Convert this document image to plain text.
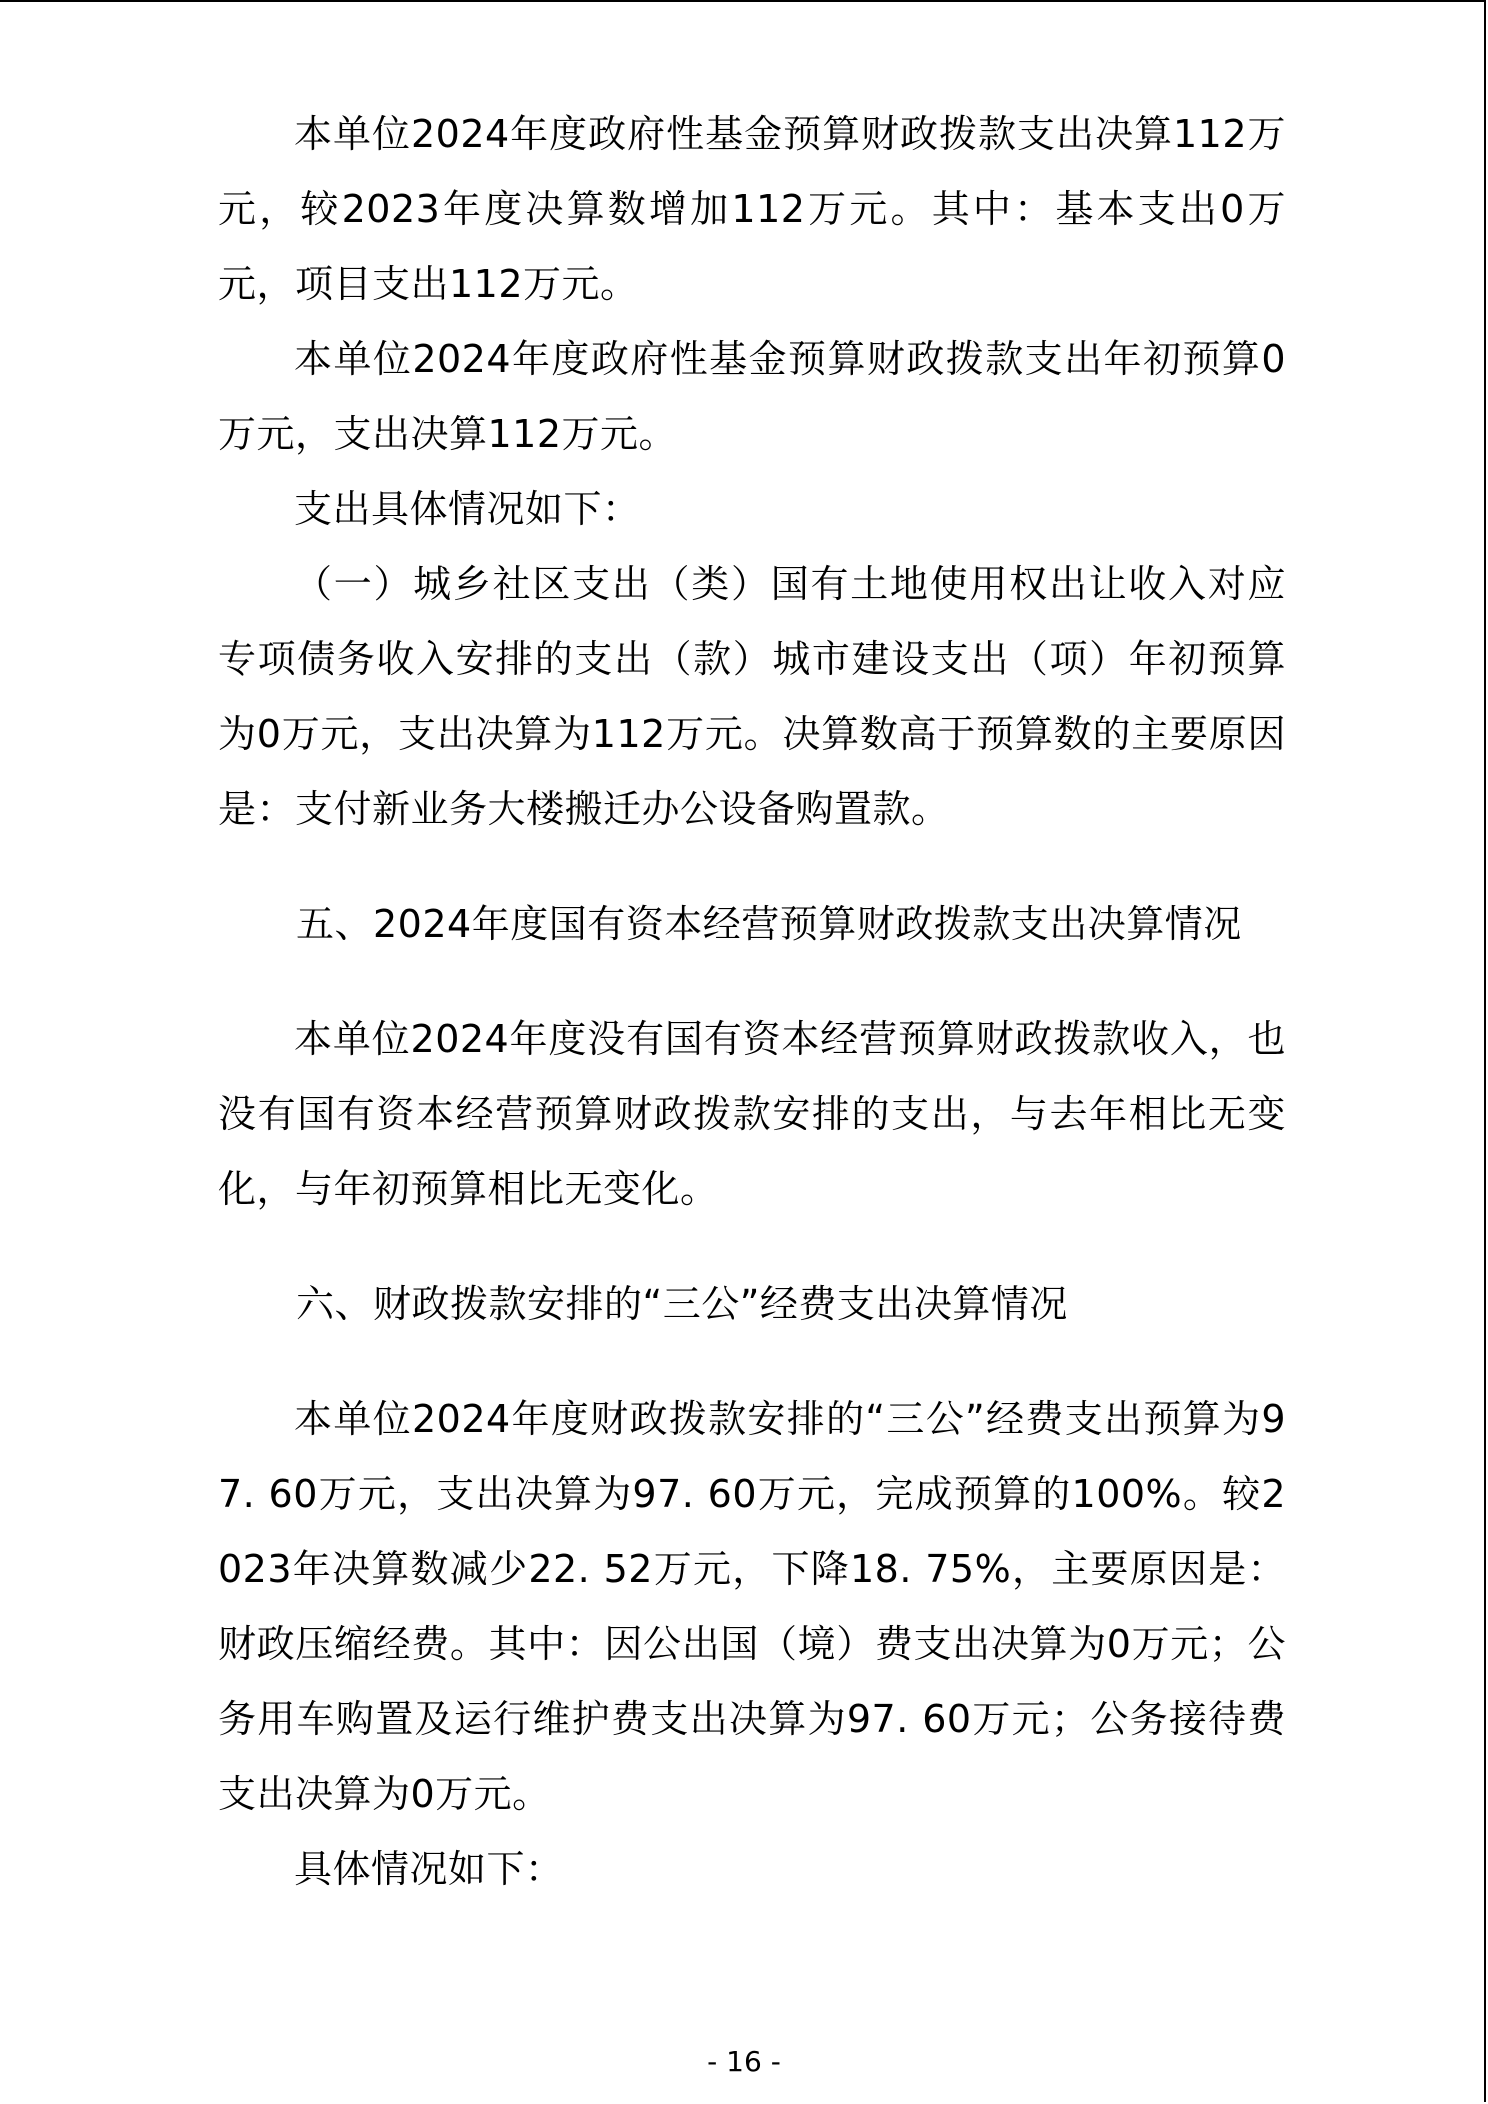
本单位2024年度政府性基金预算财政拨款支出决算112万元，较2023年度决算数增加112万元。其中：基本支出0万元，项目支出112万元。

本单位2024年度政府性基金预算财政拨款支出年初预算0万元，支出决算112万元。

支出具体情况如下：

（一）城乡社区支出（类）国有土地使用权出让收入对应专项债务收入安排的支出（款）城市建设支出（项）年初预算为0万元，支出决算为112万元。决算数高于预算数的主要原因是：支付新业务大楼搬迁办公设备购置款。

五、2024年度国有资本经营预算财政拨款支出决算情况

本单位2024年度没有国有资本经营预算财政拨款收入，也没有国有资本经营预算财政拨款安排的支出，与去年相比无变化，与年初预算相比无变化。

六、财政拨款安排的“三公”经费支出决算情况

本单位2024年度财政拨款安排的“三公”经费支出预算为97. 60万元，支出决算为97. 60万元，完成预算的100%。较2023年决算数减少22. 52万元，下降18. 75%，主要原因是：财政压缩经费。其中：因公出国（境）费支出决算为0万元；公务用车购置及运行维护费支出决算为97. 60万元；公务接待费支出决算为0万元。

具体情况如下：

- 16 -
